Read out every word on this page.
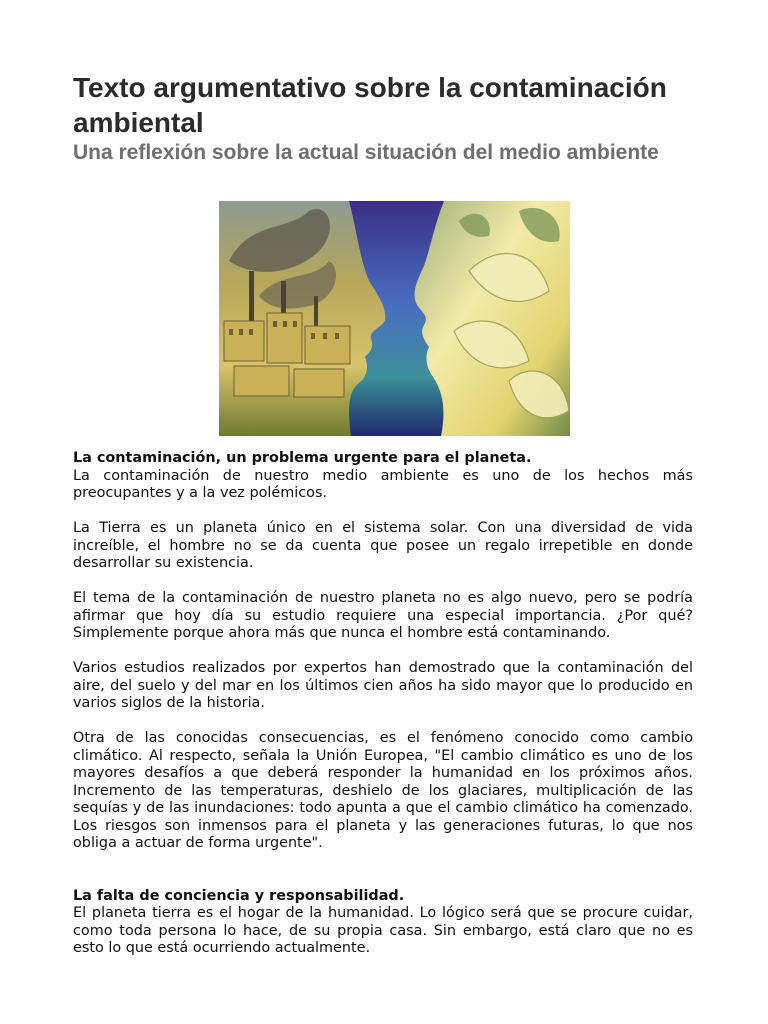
Texto argumentativo sobre la contaminación ambiental
Una reflexión sobre la actual situación del medio ambiente

La contaminación, un problema urgente para el planeta.

La contaminación de nuestro medio ambiente es uno de los hechos más preocupantes y a la vez polémicos.

La Tierra es un planeta único en el sistema solar. Con una diversidad de vida increíble, el hombre no se da cuenta que posee un regalo irrepetible en donde desarrollar su existencia.

El tema de la contaminación de nuestro planeta no es algo nuevo, pero se podría afirmar que hoy día su estudio requiere una especial importancia. ¿Por qué? Simplemente porque ahora más que nunca el hombre está contaminando.

Varios estudios realizados por expertos han demostrado que la contaminación del aire, del suelo y del mar en los últimos cien años ha sido mayor que lo producido en varios siglos de la historia.

Otra de las conocidas consecuencias, es el fenómeno conocido como cambio climático. Al respecto, señala la Unión Europea, "El cambio climático es uno de los mayores desafíos a que deberá responder la humanidad en los próximos años. Incremento de las temperaturas, deshielo de los glaciares, multiplicación de las sequías y de las inundaciones: todo apunta a que el cambio climático ha comenzado. Los riesgos son inmensos para el planeta y las generaciones futuras, lo que nos obliga a actuar de forma urgente".

La falta de conciencia y responsabilidad.

El planeta tierra es el hogar de la humanidad. Lo lógico será que se procure cuidar, como toda persona lo hace, de su propia casa. Sin embargo, está claro que no es esto lo que está ocurriendo actualmente.
